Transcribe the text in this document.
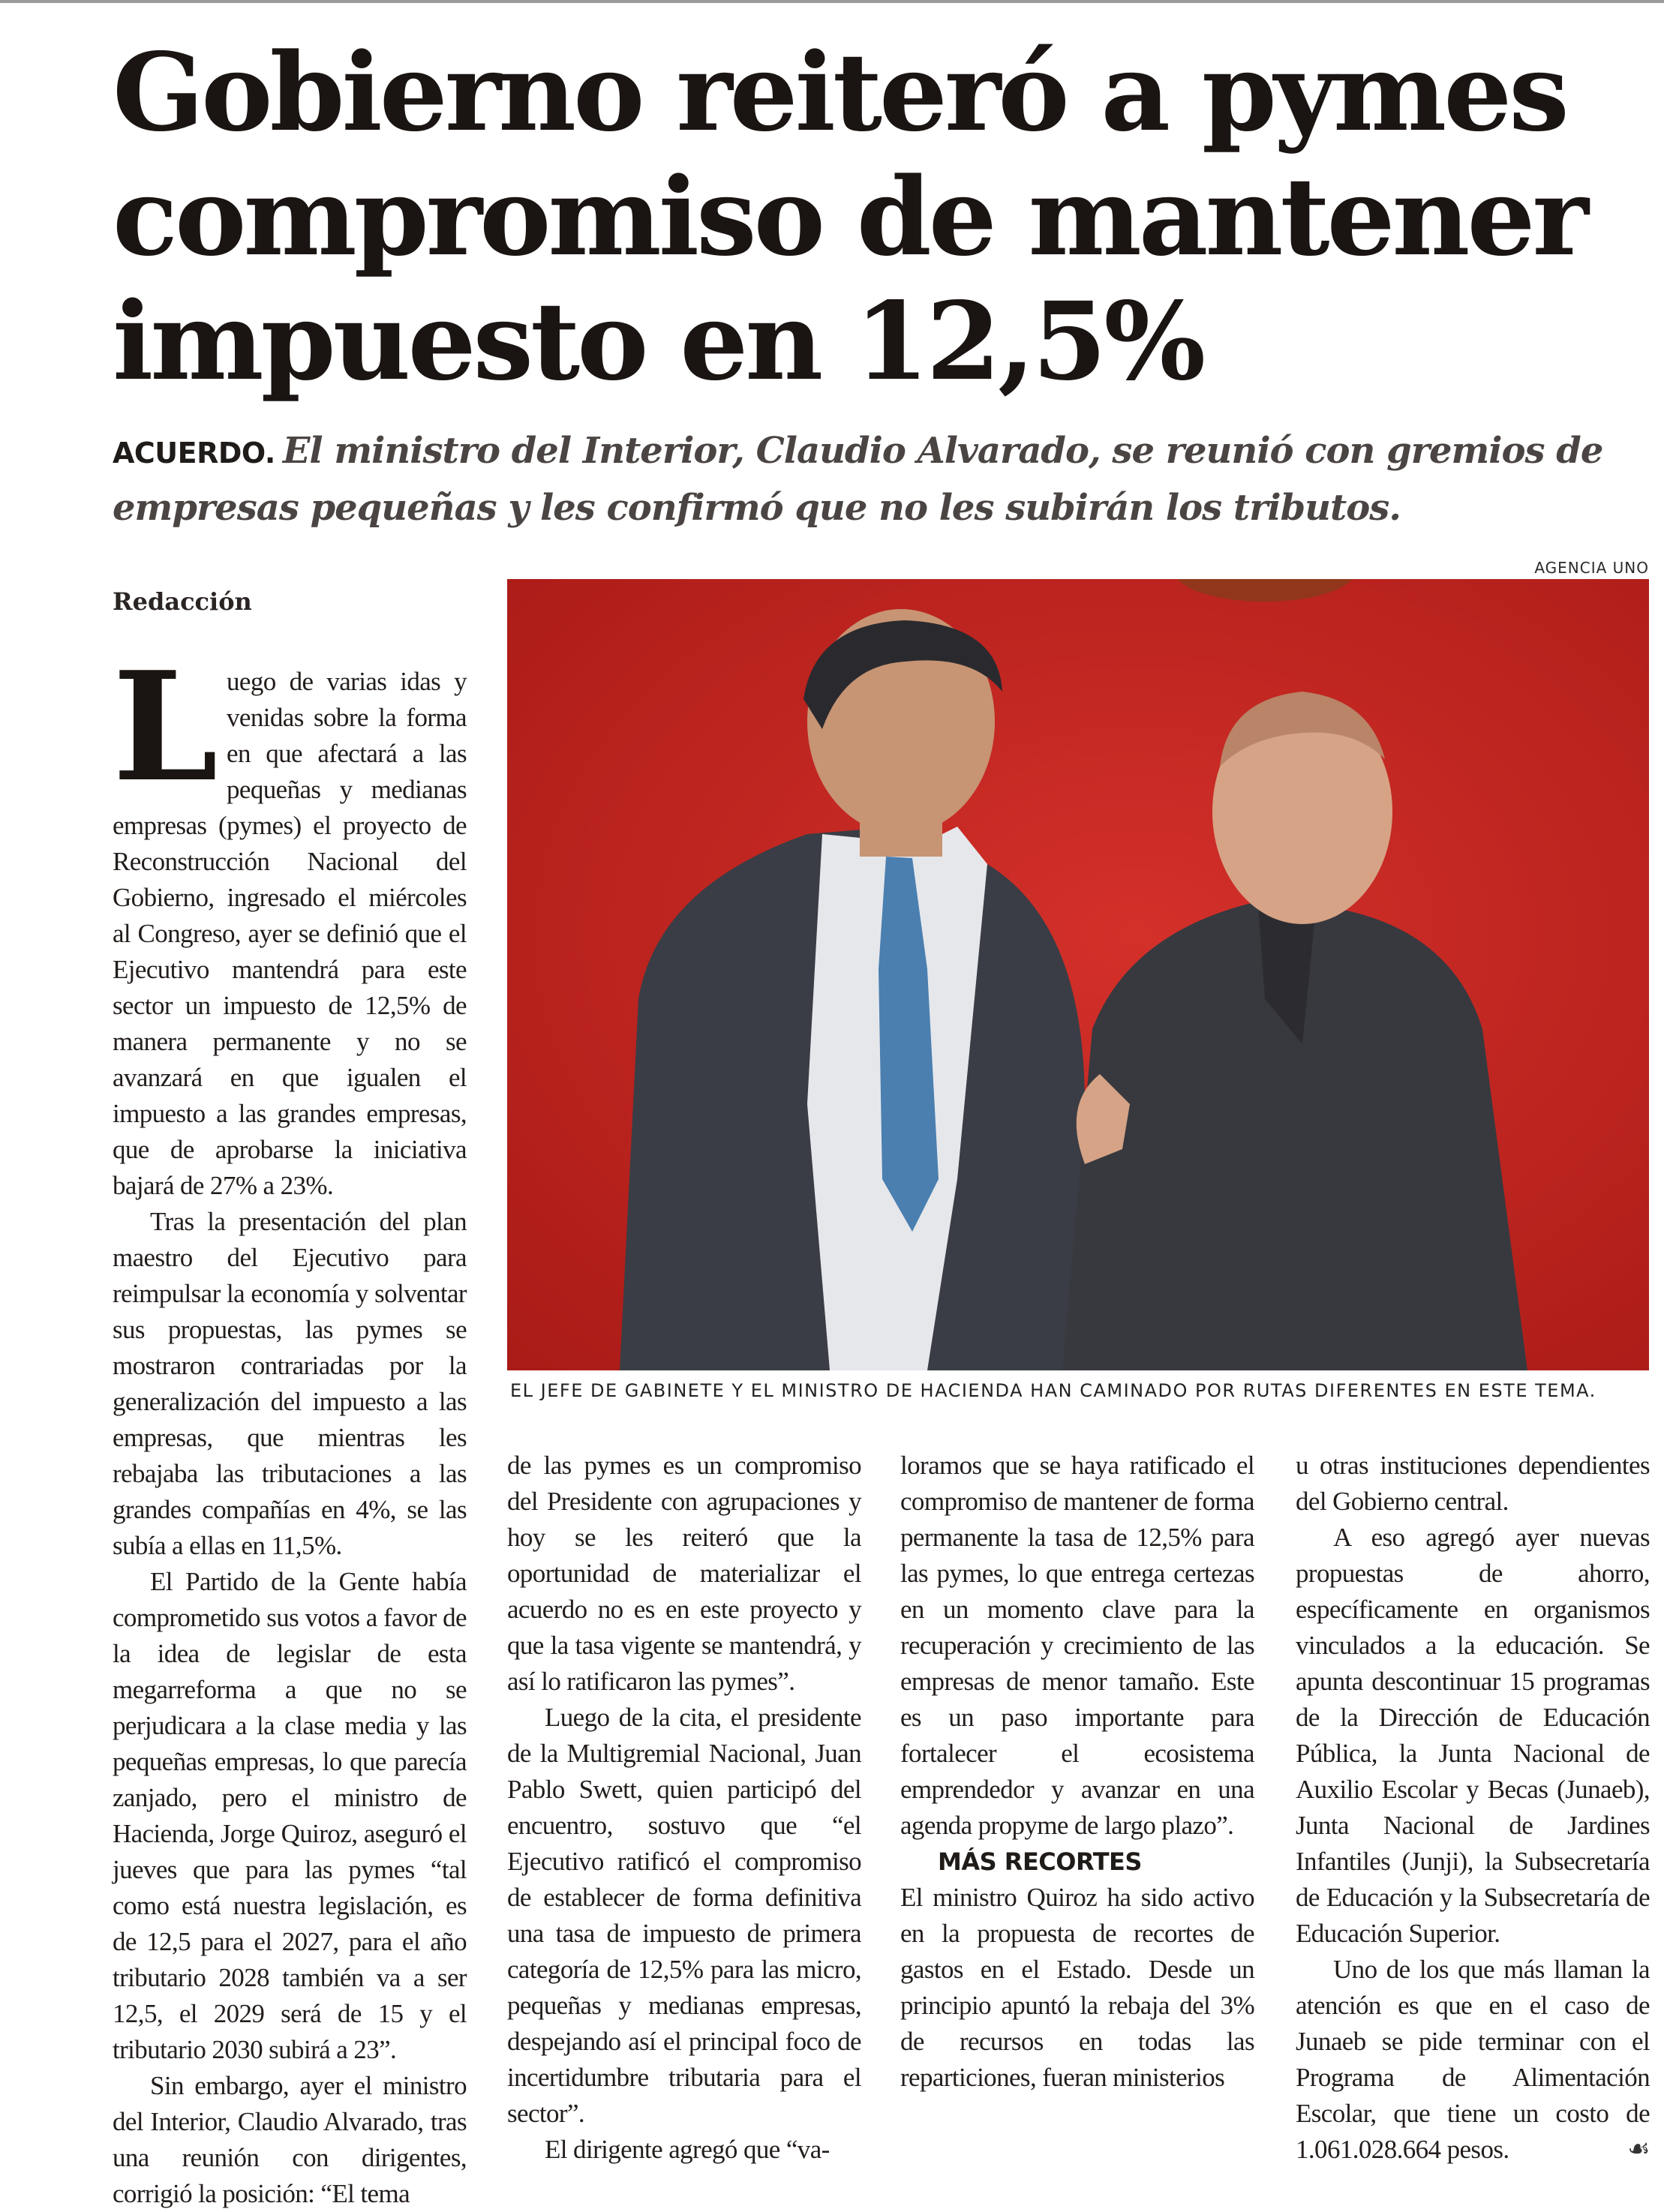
Gobierno reiteró a pymes
compromiso de mantener
impuesto en 12,5%
ACUERDO. El ministro del Interior, Claudio Alvarado, se reunió con gremios de empresas pequeñas y les confirmó que no les subirán los tributos.
AGENCIA UNO
Redacción
EL JEFE DE GABINETE Y EL MINISTRO DE HACIENDA HAN CAMINADO POR RUTAS DIFERENTES EN ESTE TEMA.

Luego de varias idas y venidas sobre la forma en que afectará a las pequeñas y medianas empresas (pymes) el proyecto de Reconstrucción Nacional del Gobierno, ingresado el miércoles al Congreso, ayer se definió que el Ejecutivo mantendrá para este sector un impuesto de 12,5% de manera permanente y no se avanzará en que igualen el impuesto a las grandes empresas, que de aprobarse la iniciativa bajará de 27% a 23%.

Tras la presentación del plan maestro del Ejecutivo para reimpulsar la economía y solventar sus propuestas, las pymes se mostraron contrariadas por la generalización del impuesto a las empresas, que mientras les rebajaba las tributaciones a las grandes compañías en 4%, se las subía a ellas en 11,5%.

El Partido de la Gente había comprometido sus votos a favor de la idea de legislar de esta megarreforma a que no se perjudicara a la clase media y las pequeñas empresas, lo que parecía zanjado, pero el ministro de Hacienda, Jorge Quiroz, aseguró el jueves que para las pymes “tal como está nuestra legislación, es de 12,5 para el 2027, para el año tributario 2028 también va a ser 12,5, el 2029 será de 15 y el tributario 2030 subirá a 23”.

Sin embargo, ayer el ministro del Interior, Claudio Alvarado, tras una reunión con dirigentes, corrigió la posición: “El tema

de las pymes es un compromiso del Presidente con agrupaciones y hoy se les reiteró que la oportunidad de materializar el acuerdo no es en este proyecto y que la tasa vigente se mantendrá, y así lo ratificaron las pymes”.

Luego de la cita, el presidente de la Multigremial Nacional, Juan Pablo Swett, quien participó del encuentro, sostuvo que “el Ejecutivo ratificó el compromiso de establecer de forma definitiva una tasa de impuesto de primera categoría de 12,5% para las micro, pequeñas y medianas empresas, despejando así el principal foco de incertidumbre tributaria para el sector”.

El dirigente agregó que “va-

loramos que se haya ratificado el compromiso de mantener de forma permanente la tasa de 12,5% para las pymes, lo que entrega certezas en un momento clave para la recuperación y crecimiento de las empresas de menor tamaño. Este es un paso importante para fortalecer el ecosistema emprendedor y avanzar en una agenda propyme de largo plazo”.

MÁS RECORTES

El ministro Quiroz ha sido activo en la propuesta de recortes de gastos en el Estado. Desde un principio apuntó la rebaja del 3% de recursos en todas las reparticiones, fueran ministerios

u otras instituciones dependientes del Gobierno central.

A eso agregó ayer nuevas propuestas de ahorro, específicamente en organismos vinculados a la educación. Se apunta descontinuar 15 programas de la Dirección de Educación Pública, la Junta Nacional de Auxilio Escolar y Becas (Junaeb), Junta Nacional de Jardines Infantiles (Junji), la Subsecretaría de Educación y la Subsecretaría de Educación Superior.

Uno de los que más llaman la atención es que en el caso de Junaeb se pide terminar con el Programa de Alimentación Escolar, que tiene un costo de 1.061.028.664 pesos.	☙
